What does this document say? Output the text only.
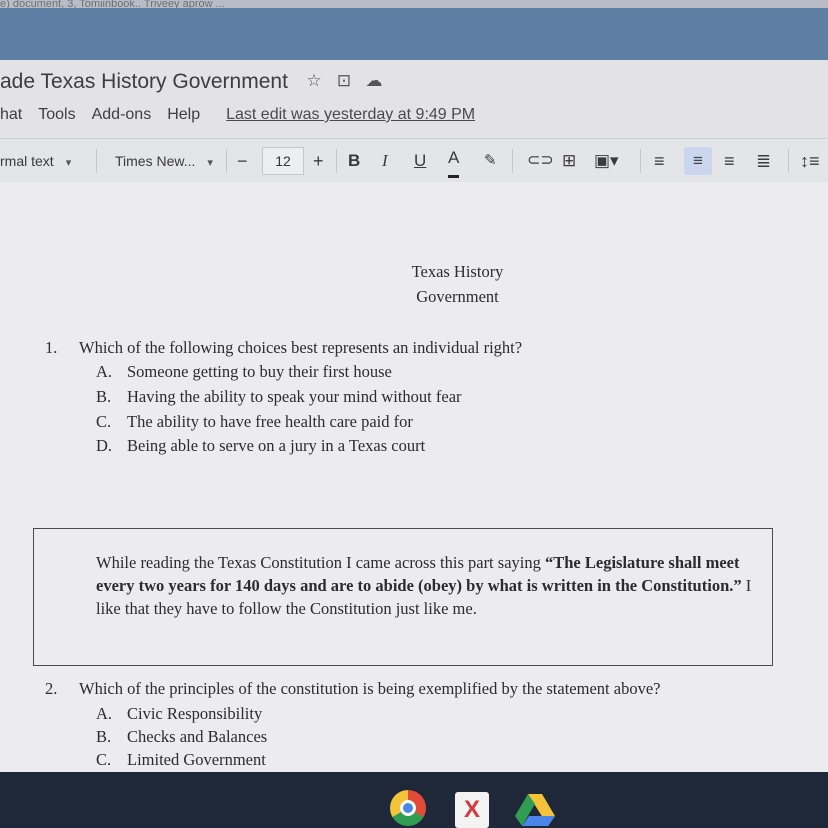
e) document, 3, Tomiinbook.. Triveey aprow ...
ade Texas History Government ☆ ⊡ ☁
hat Tools Add-ons Help Last edit was yesterday at 9:49 PM
rmal text ▾	Times New... ▾	−	12	+ B I U A ✎ ⊂⊃ ⊞ ▣▾ ≡	≡	≡ ≣ ↕≡
Texas History
Government
1. Which of the following choices best represents an individual right?
A. Someone getting to buy their first house
B. Having the ability to speak your mind without fear
C. The ability to have free health care paid for
D. Being able to serve on a jury in a Texas court
While reading the Texas Constitution I came across this part saying “The Legislature shall meet every two years for 140 days and are to abide (obey) by what is written in the Constitution.” I like that they have to follow the Constitution just like me.
2. Which of the principles of the constitution is being exemplified by the statement above?
A. Civic Responsibility
B. Checks and Balances
C. Limited Government
X
